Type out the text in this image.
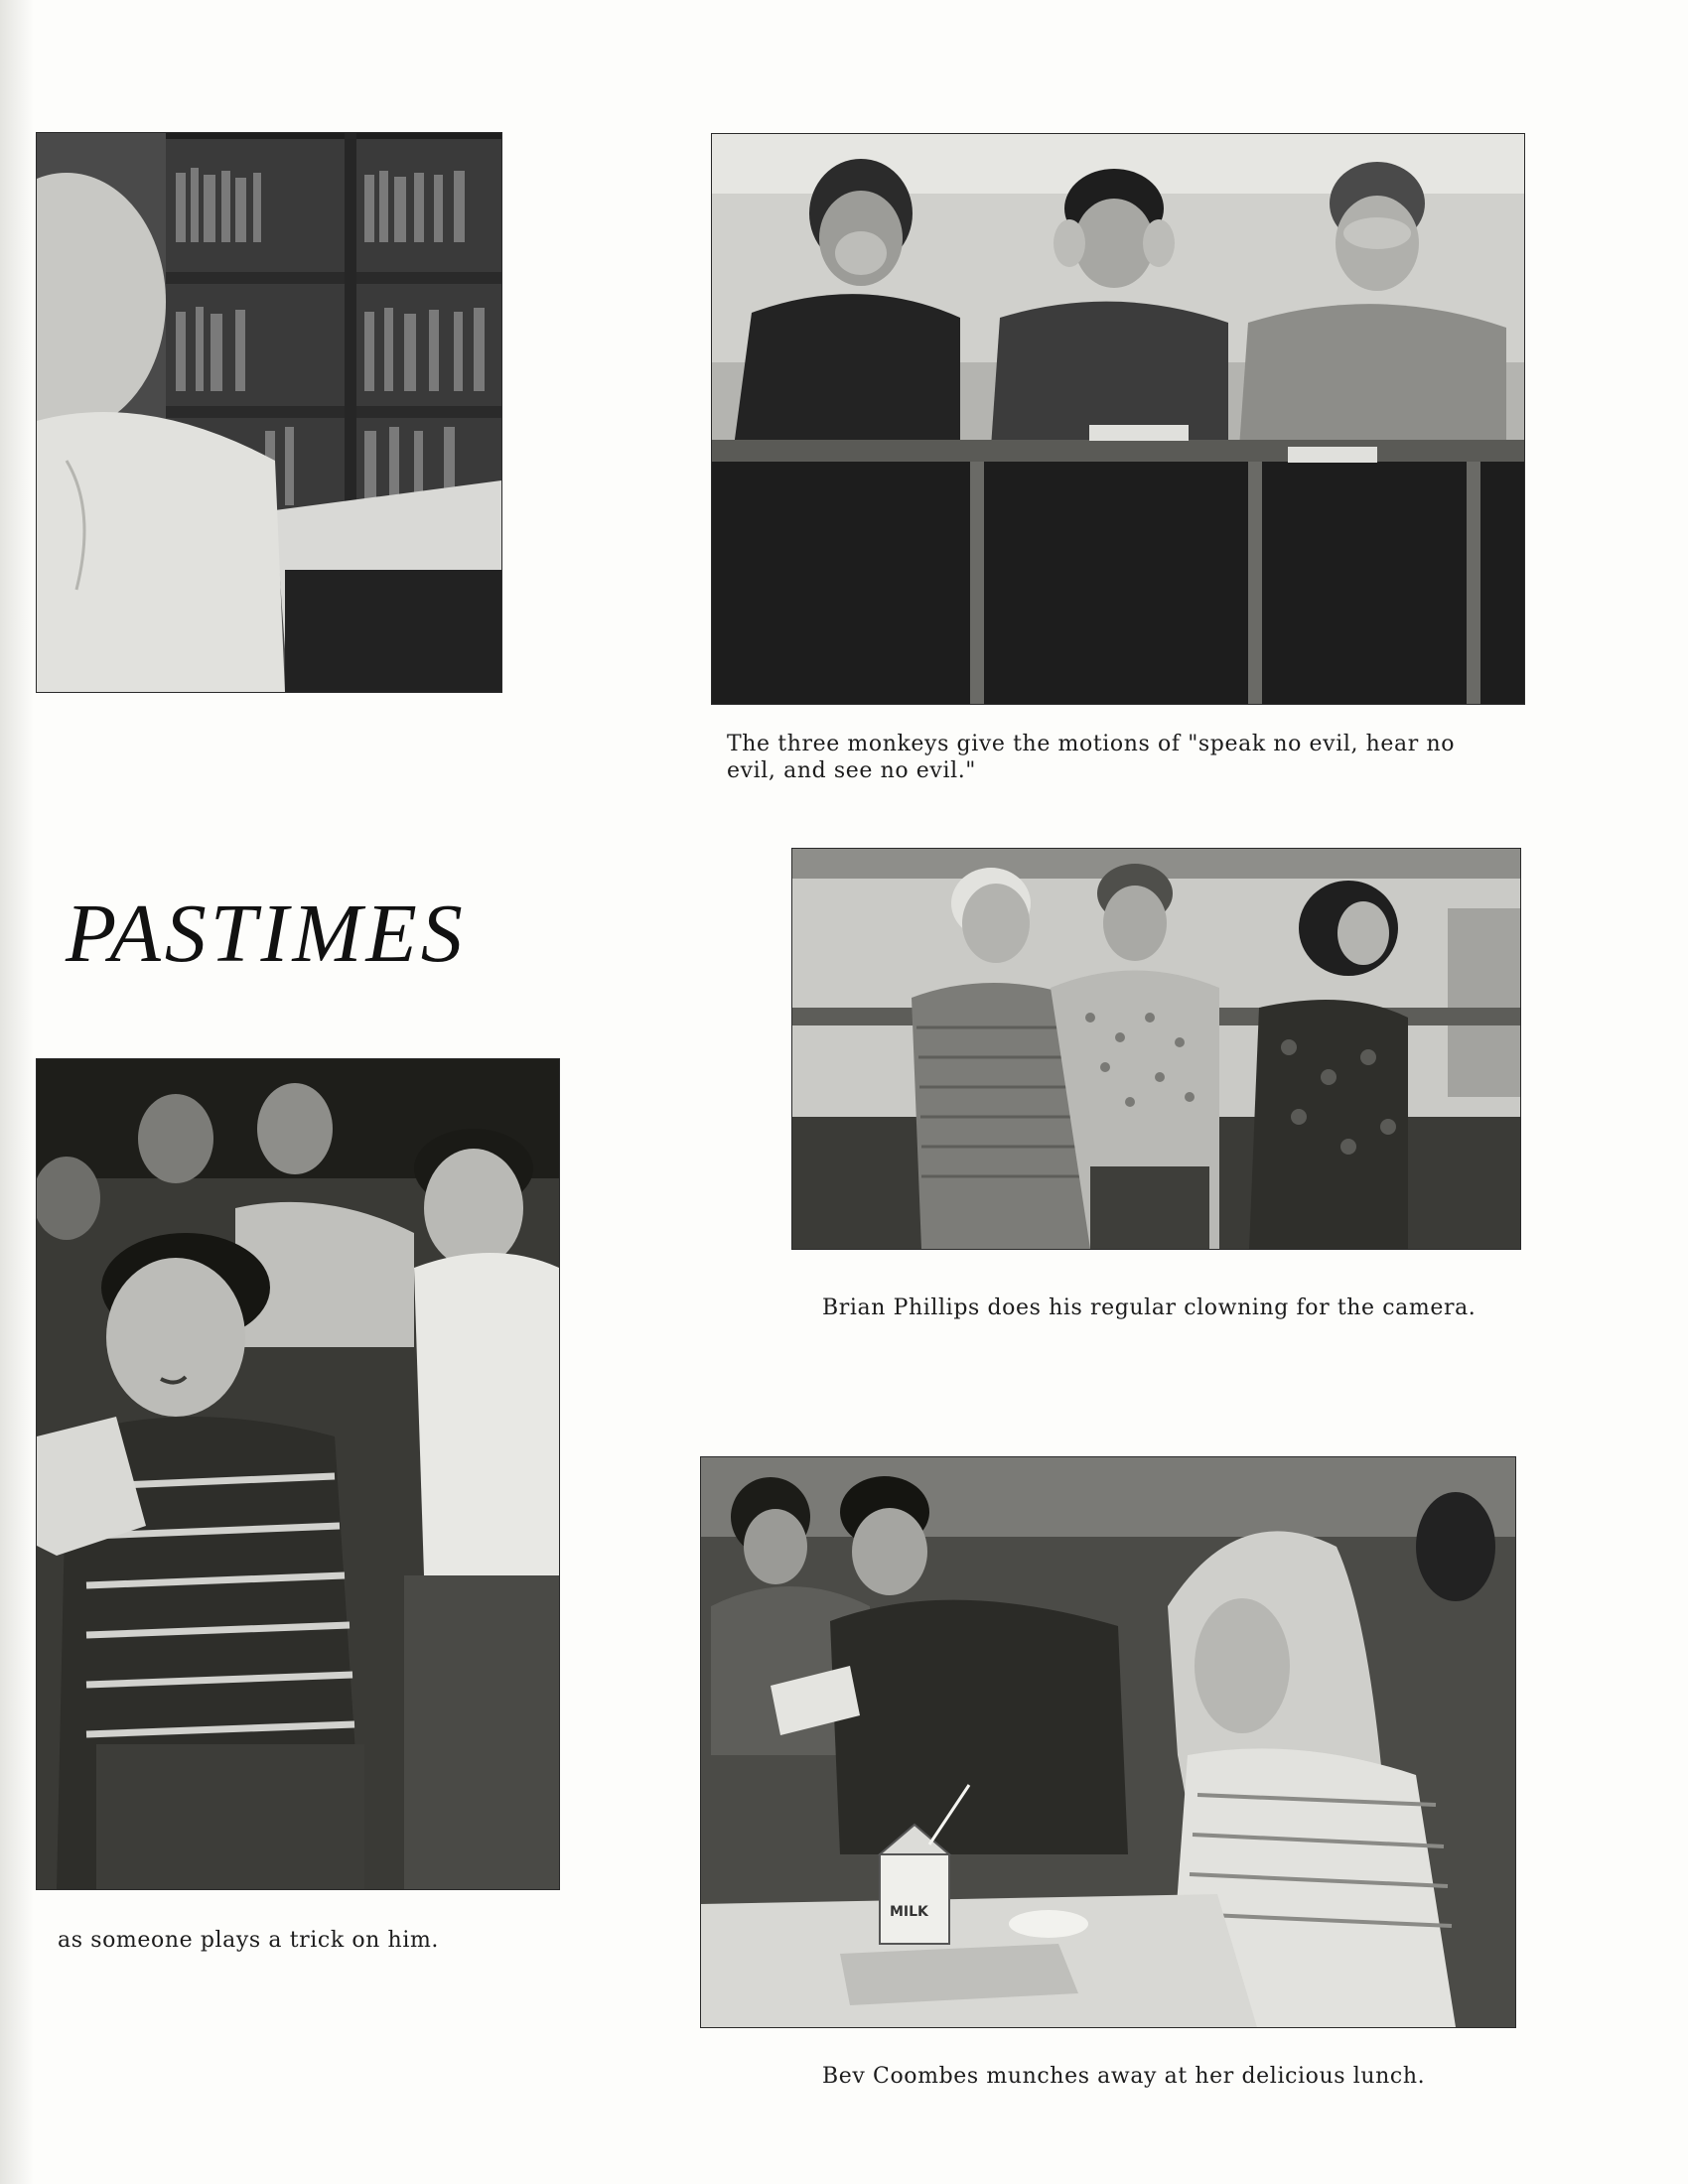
The three monkeys give the motions of "speak no evil, hear no evil, and see no evil."
PASTIMES
Brian Phillips does his regular clowning for the camera.
as someone plays a trick on him.
MILK
Bev Coombes munches away at her delicious lunch.
